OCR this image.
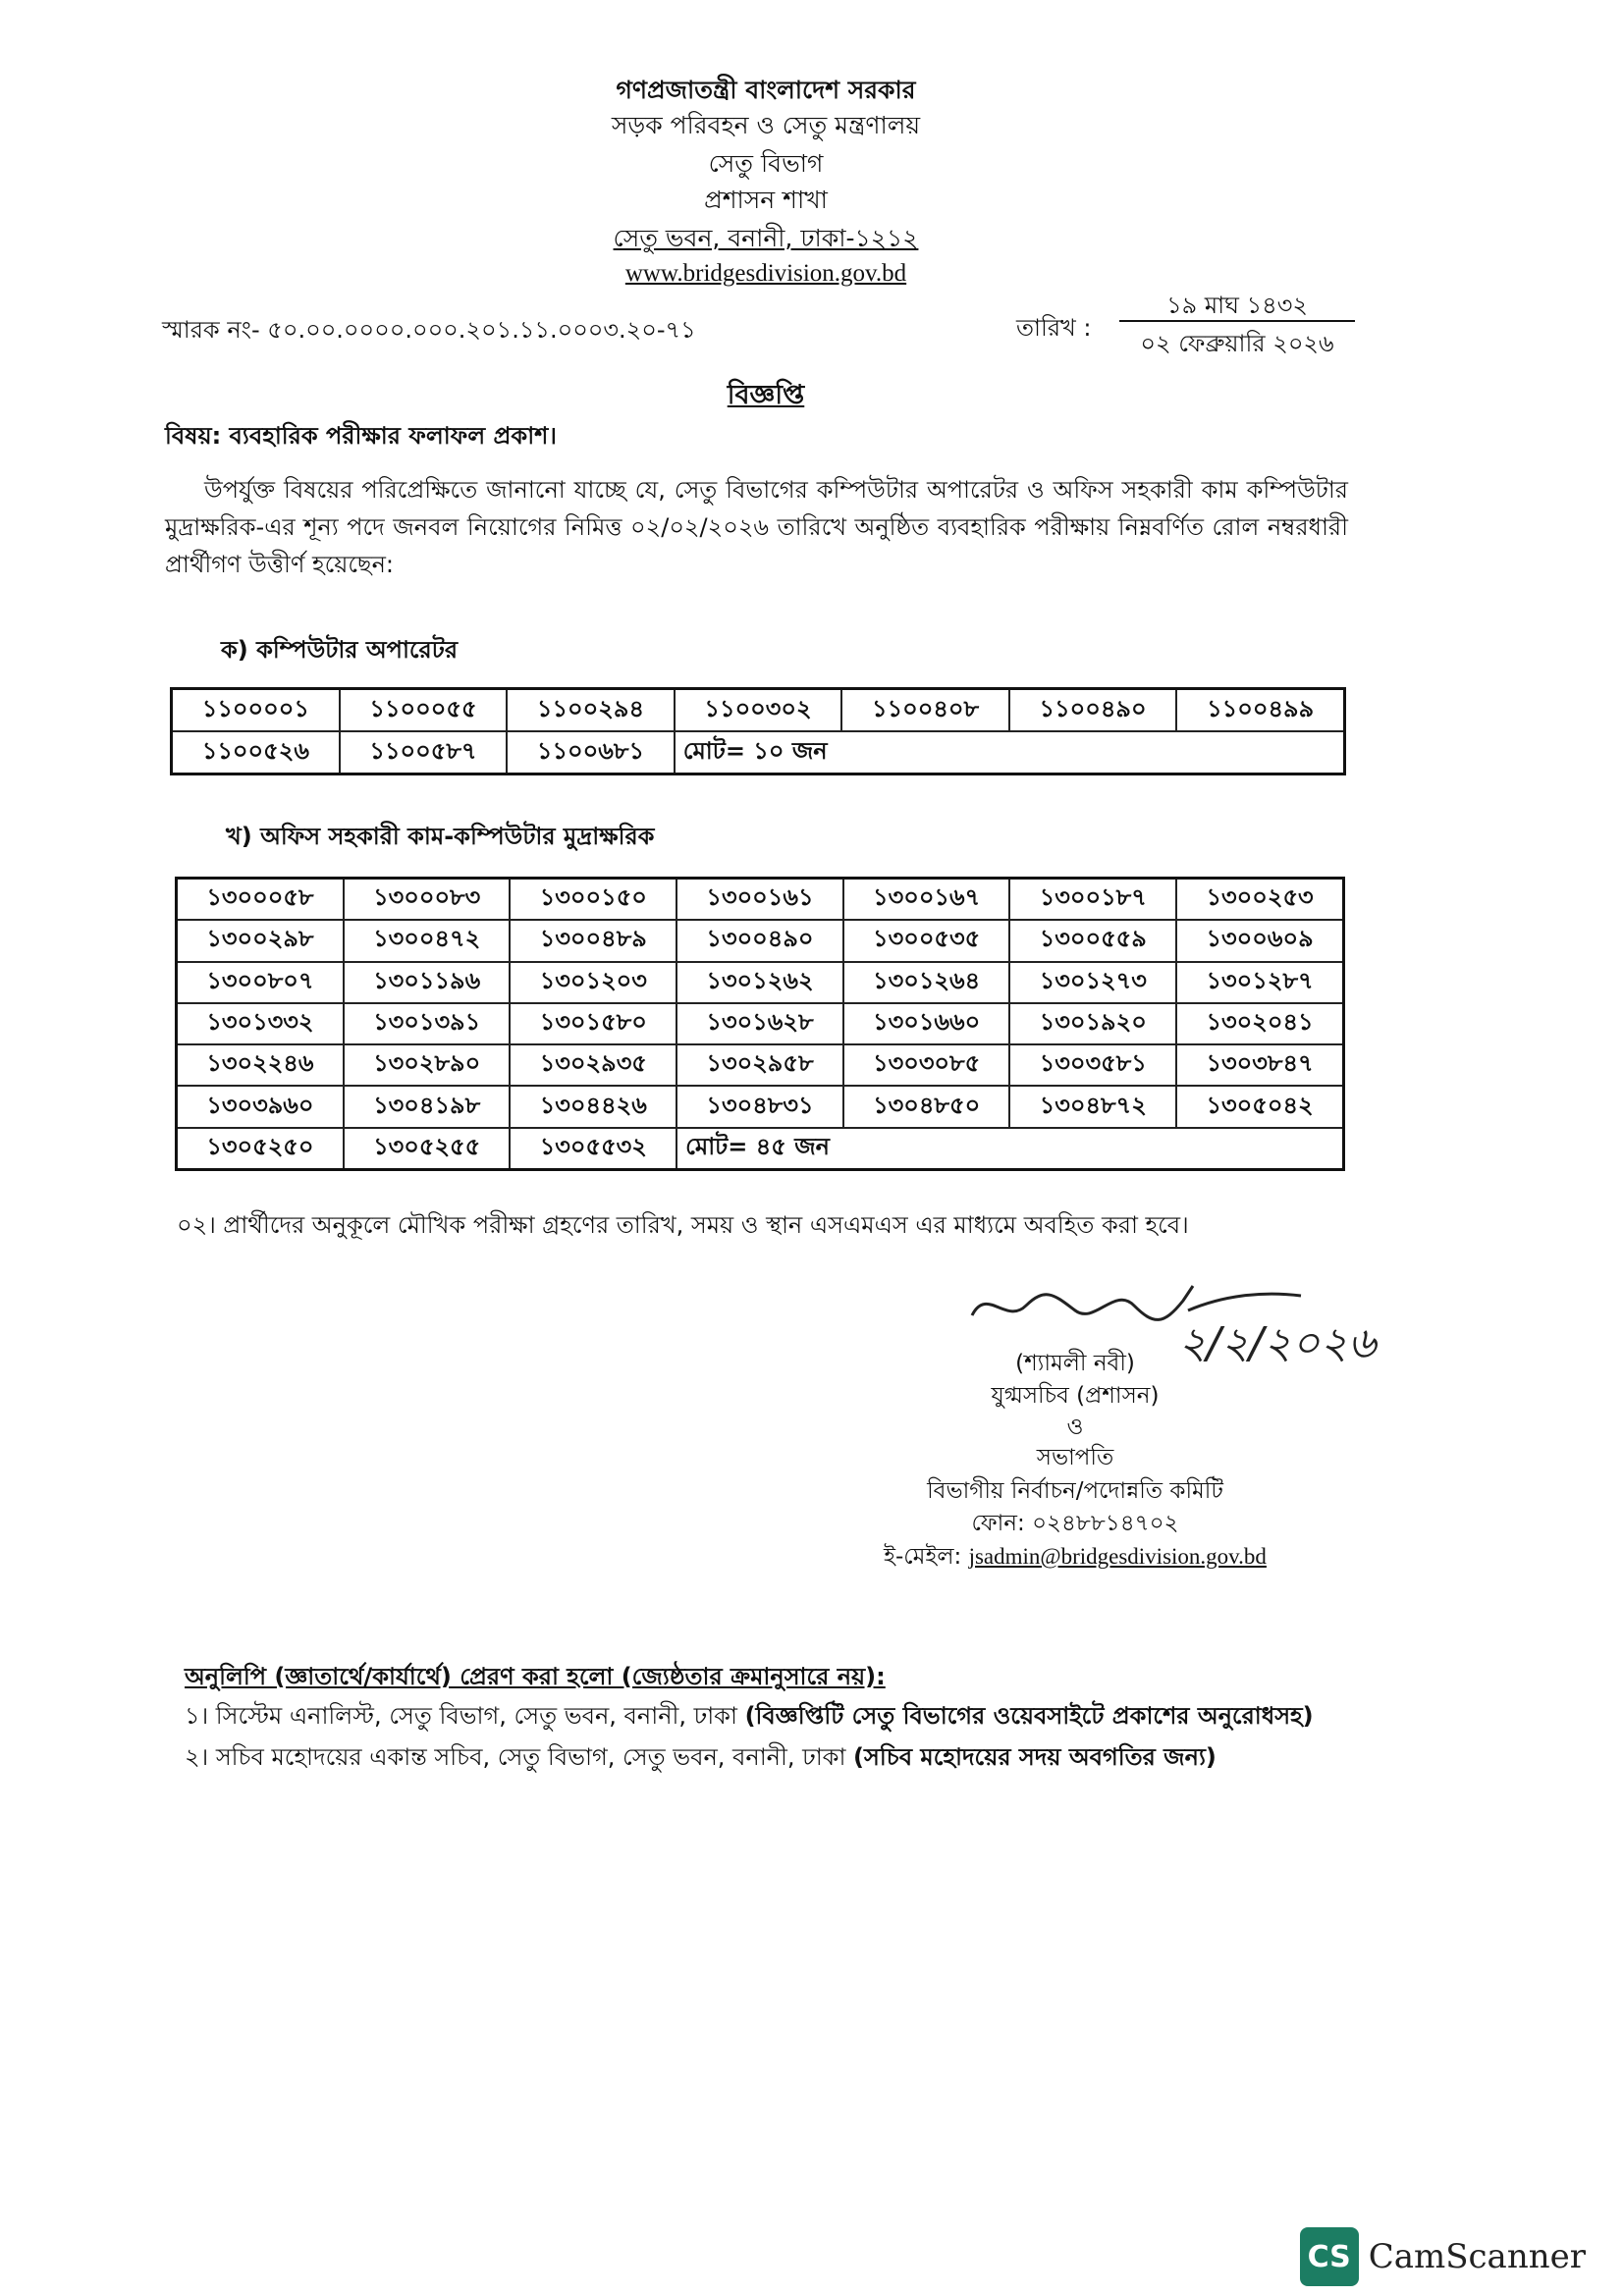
গণপ্রজাতন্ত্রী বাংলাদেশ সরকার
সড়ক পরিবহন ও সেতু মন্ত্রণালয়
সেতু বিভাগ
প্রশাসন শাখা
সেতু ভবন, বনানী, ঢাকা-১২১২
www.bridgesdivision.gov.bd
স্মারক নং- ৫০.০০.০০০০.০০০.২০১.১১.০০০৩.২০-৭১	তারিখ :
১৯ মাঘ ১৪৩২
০২ ফেব্রুয়ারি ২০২৬
বিজ্ঞপ্তি
বিষয়: ব্যবহারিক পরীক্ষার ফলাফল প্রকাশ।
উপর্যুক্ত বিষয়ের পরিপ্রেক্ষিতে জানানো যাচ্ছে যে, সেতু বিভাগের কম্পিউটার অপারেটর ও অফিস সহকারী কাম কম্পিউটার মুদ্রাক্ষরিক-এর শূন্য পদে জনবল নিয়োগের নিমিত্ত ০২/০২/২০২৬ তারিখে অনুষ্ঠিত ব্যবহারিক পরীক্ষায় নিম্নবর্ণিত রোল নম্বরধারী প্রার্থীগণ উত্তীর্ণ হয়েছেন:
ক) কম্পিউটার অপারেটর
১১০০০০১	১১০০০৫৫	১১০০২৯৪	১১০০৩০২	১১০০৪০৮	১১০০৪৯০	১১০০৪৯৯
১১০০৫২৬	১১০০৫৮৭	১১০০৬৮১	মোট= ১০ জন			
খ) অফিস সহকারী কাম-কম্পিউটার মুদ্রাক্ষরিক
১৩০০০৫৮	১৩০০০৮৩	১৩০০১৫০	১৩০০১৬১	১৩০০১৬৭	১৩০০১৮৭	১৩০০২৫৩
১৩০০২৯৮	১৩০০৪৭২	১৩০০৪৮৯	১৩০০৪৯০	১৩০০৫৩৫	১৩০০৫৫৯	১৩০০৬০৯
১৩০০৮০৭	১৩০১১৯৬	১৩০১২০৩	১৩০১২৬২	১৩০১২৬৪	১৩০১২৭৩	১৩০১২৮৭
১৩০১৩৩২	১৩০১৩৯১	১৩০১৫৮০	১৩০১৬২৮	১৩০১৬৬০	১৩০১৯২০	১৩০২০৪১
১৩০২২৪৬	১৩০২৮৯০	১৩০২৯৩৫	১৩০২৯৫৮	১৩০৩০৮৫	১৩০৩৫৮১	১৩০৩৮৪৭
১৩০৩৯৬০	১৩০৪১৯৮	১৩০৪৪২৬	১৩০৪৮৩১	১৩০৪৮৫০	১৩০৪৮৭২	১৩০৫০৪২
১৩০৫২৫০	১৩০৫২৫৫	১৩০৫৫৩২	মোট= ৪৫ জন			
০২। প্রার্থীদের অনুকূলে মৌখিক পরীক্ষা গ্রহণের তারিখ, সময় ও স্থান এসএমএস এর মাধ্যমে অবহিত করা হবে।
২/২/২০২৬
(শ্যামলী নবী)
যুগ্মসচিব (প্রশাসন)
ও
সভাপতি
বিভাগীয় নির্বাচন/পদোন্নতি কমিটি
ফোন: ০২৪৮৮১৪৭০২
ই-মেইল: jsadmin@bridgesdivision.gov.bd
অনুলিপি (জ্ঞাতার্থে/কার্যার্থে) প্রেরণ করা হলো (জ্যেষ্ঠতার ক্রমানুসারে নয়):
১। সিস্টেম এনালিস্ট, সেতু বিভাগ, সেতু ভবন, বনানী, ঢাকা (বিজ্ঞপ্তিটি সেতু বিভাগের ওয়েবসাইটে প্রকাশের অনুরোধসহ)
২। সচিব মহোদয়ের একান্ত সচিব, সেতু বিভাগ, সেতু ভবন, বনানী, ঢাকা (সচিব মহোদয়ের সদয় অবগতির জন্য)
CS CamScanner
